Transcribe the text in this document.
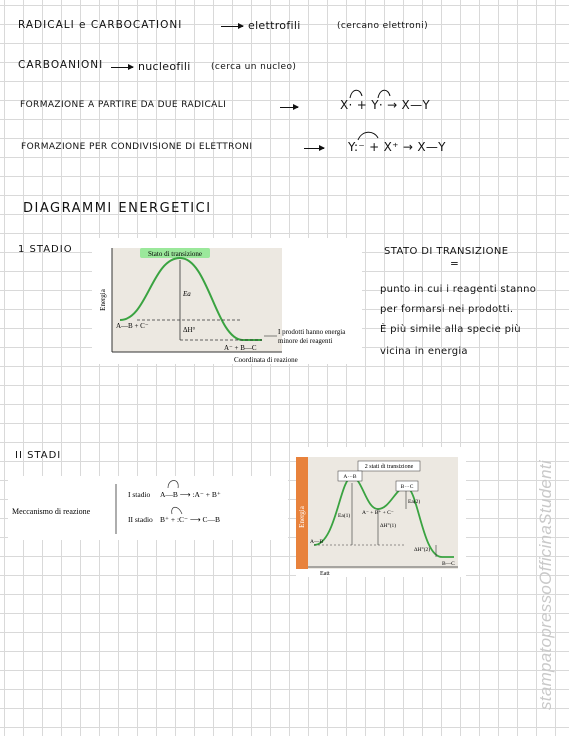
RADICALI e CARBOCATIONI	elettrofili	(cercano elettroni)
CARBOANIONI	nucleofili (cerca un nucleo)
FORMAZIONE A PARTIRE DA DUE RADICALI	X· + Y· → X—Y
FORMAZIONE PER CONDIVISIONE DI ELETTRONI	Y:⁻ + X⁺ → X—Y
DIAGRAMMI ENERGETICI
1 STADIO	Stato di transizione
Energia	Ea
ΔH°
A—B + C⁻
A⁻ + B—C
I prodotti hanno energia
minore dei reagenti
Coordinata di reazione
STATO DI TRANSIZIONE
=
punto in cui i reagenti stanno
per formarsi nei prodotti.
È più simile alla specie più
vicina in energia
II STADI
Meccanismo di reazione
I stadio A—B ⟶ :A⁻ + B⁺
II stadio B⁺ + :C⁻ ⟶ C—B	Energia
2 stati di transizione
A···B
B···C
Ea(1)
Ea(2)
ΔH°(1)
ΔH°(2)
A⁻ + B⁺ + C⁻
A—B
B—C
Eatt	stampatopressoOfficinaStudenti
